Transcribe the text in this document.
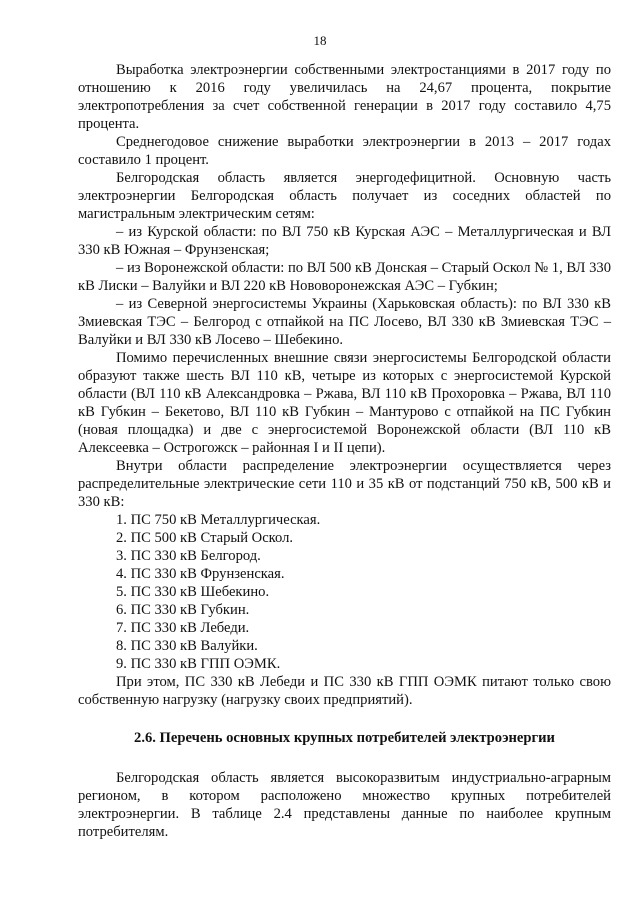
18

Выработка электроэнергии собственными электростанциями в 2017 году по отношению к 2016 году увеличилась на 24,67 процента, покрытие электропотребления за счет собственной генерации в 2017 году составило 4,75 процента.

Среднегодовое снижение выработки электроэнергии в 2013 – 2017 годах составило 1 процент.

Белгородская область является энергодефицитной. Основную часть электроэнергии Белгородская область получает из соседних областей по магистральным электрическим сетям:

– из Курской области: по ВЛ 750 кВ Курская АЭС – Металлургическая и ВЛ 330 кВ Южная – Фрунзенская;

– из Воронежской области: по ВЛ 500 кВ Донская – Старый Оскол № 1, ВЛ 330 кВ Лиски – Валуйки и ВЛ 220 кВ Нововоронежская АЭС – Губкин;

– из Северной энергосистемы Украины (Харьковская область): по ВЛ 330 кВ Змиевская ТЭС – Белгород с отпайкой на ПС Лосево, ВЛ 330 кВ Змиевская ТЭС – Валуйки и ВЛ 330 кВ Лосево – Шебекино.

Помимо перечисленных внешние связи энергосистемы Белгородской области образуют также шесть ВЛ 110 кВ, четыре из которых с энергосистемой Курской области (ВЛ 110 кВ Александровка – Ржава, ВЛ 110 кВ Прохоровка – Ржава, ВЛ 110 кВ Губкин – Бекетово, ВЛ 110 кВ Губкин – Мантурово с отпайкой на ПС Губкин (новая площадка) и две с энергосистемой Воронежской области (ВЛ 110 кВ Алексеевка – Острогожск – районная I и II цепи).

Внутри области распределение электроэнергии осуществляется через распределительные электрические сети 110 и 35 кВ от подстанций 750 кВ, 500 кВ и 330 кВ:

1. ПС 750 кВ Металлургическая.
2. ПС 500 кВ Старый Оскол.
3. ПС 330 кВ Белгород.
4. ПС 330 кВ Фрунзенская.
5. ПС 330 кВ Шебекино.
6. ПС 330 кВ Губкин.
7. ПС 330 кВ Лебеди.
8. ПС 330 кВ Валуйки.
9. ПС 330 кВ ГПП ОЭМК.

При этом, ПС 330 кВ Лебеди и ПС 330 кВ ГПП ОЭМК питают только свою собственную нагрузку (нагрузку своих предприятий).

2.6. Перечень основных крупных потребителей электроэнергии

Белгородская область является высокоразвитым индустриально-аграрным регионом, в котором расположено множество крупных потребителей электроэнергии. В таблице 2.4 представлены данные по наиболее крупным потребителям.
